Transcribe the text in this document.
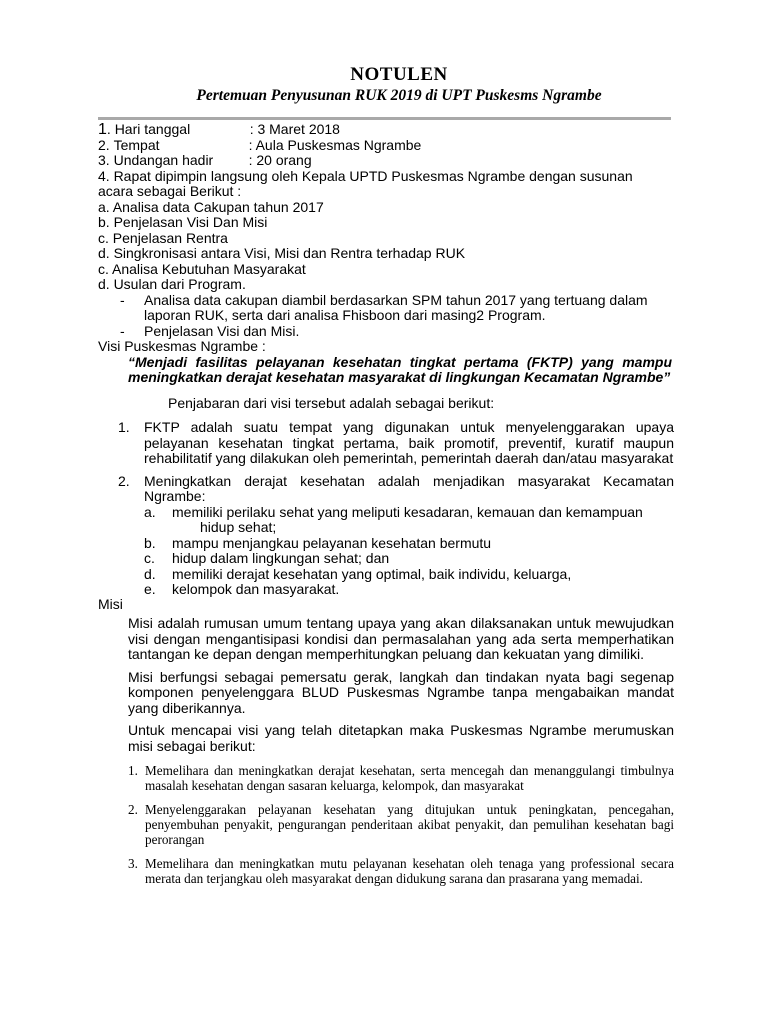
NOTULEN
Pertemuan Penyusunan RUK 2019 di UPT Puskesms Ngrambe
1. Hari tanggal	: 3 Maret 2018
2. Tempat	: Aula Puskesmas Ngrambe
3. Undangan hadir	: 20 orang
4. Rapat dipimpin langsung oleh Kepala UPTD Puskesmas Ngrambe dengan susunan
acara sebagai Berikut :
a. Analisa data Cakupan tahun 2017
b. Penjelasan Visi Dan Misi
c. Penjelasan Rentra
d. Singkronisasi antara Visi, Misi dan Rentra terhadap RUK
c. Analisa Kebutuhan Masyarakat
d. Usulan dari Program.
- Analisa data cakupan diambil berdasarkan SPM tahun 2017 yang tertuang dalam
laporan RUK, serta dari analisa Fhisboon dari masing2 Program.
- Penjelasan Visi dan Misi.
Visi Puskesmas Ngrambe :
“Menjadi fasilitas pelayanan kesehatan tingkat pertama (FKTP) yang mampu meningkatkan derajat kesehatan masyarakat di lingkungan Kecamatan Ngrambe”
Penjabaran dari visi tersebut adalah sebagai berikut:
1. FKTP adalah suatu tempat yang digunakan untuk menyelenggarakan upaya pelayanan kesehatan tingkat pertama, baik promotif, preventif, kuratif maupun rehabilitatif yang dilakukan oleh pemerintah, pemerintah daerah dan/atau masyarakat
2. Meningkatkan derajat kesehatan adalah menjadikan masyarakat Kecamatan Ngrambe:
a. memiliki perilaku sehat yang meliputi kesadaran, kemauan dan kemampuan
hidup sehat;
b. mampu menjangkau pelayanan kesehatan bermutu
c. hidup dalam lingkungan sehat; dan
d. memiliki derajat kesehatan yang optimal, baik individu, keluarga,
e. kelompok dan masyarakat.
Misi
Misi adalah rumusan umum tentang upaya yang akan dilaksanakan untuk mewujudkan visi dengan mengantisipasi kondisi dan permasalahan yang ada serta memperhatikan tantangan ke depan dengan memperhitungkan peluang dan kekuatan yang dimiliki.
Misi berfungsi sebagai pemersatu gerak, langkah dan tindakan nyata bagi segenap komponen penyelenggara BLUD Puskesmas Ngrambe tanpa mengabaikan mandat yang diberikannya.
Untuk mencapai visi yang telah ditetapkan maka Puskesmas Ngrambe merumuskan misi sebagai berikut:
1. Memelihara dan meningkatkan derajat kesehatan, serta mencegah dan menanggulangi timbulnya masalah kesehatan dengan sasaran keluarga, kelompok, dan masyarakat
2. Menyelenggarakan pelayanan kesehatan yang ditujukan untuk peningkatan, pencegahan, penyembuhan penyakit, pengurangan penderitaan akibat penyakit, dan pemulihan kesehatan bagi perorangan
3. Memelihara dan meningkatkan mutu pelayanan kesehatan oleh tenaga yang professional secara merata dan terjangkau oleh masyarakat dengan didukung sarana dan prasarana yang memadai.
